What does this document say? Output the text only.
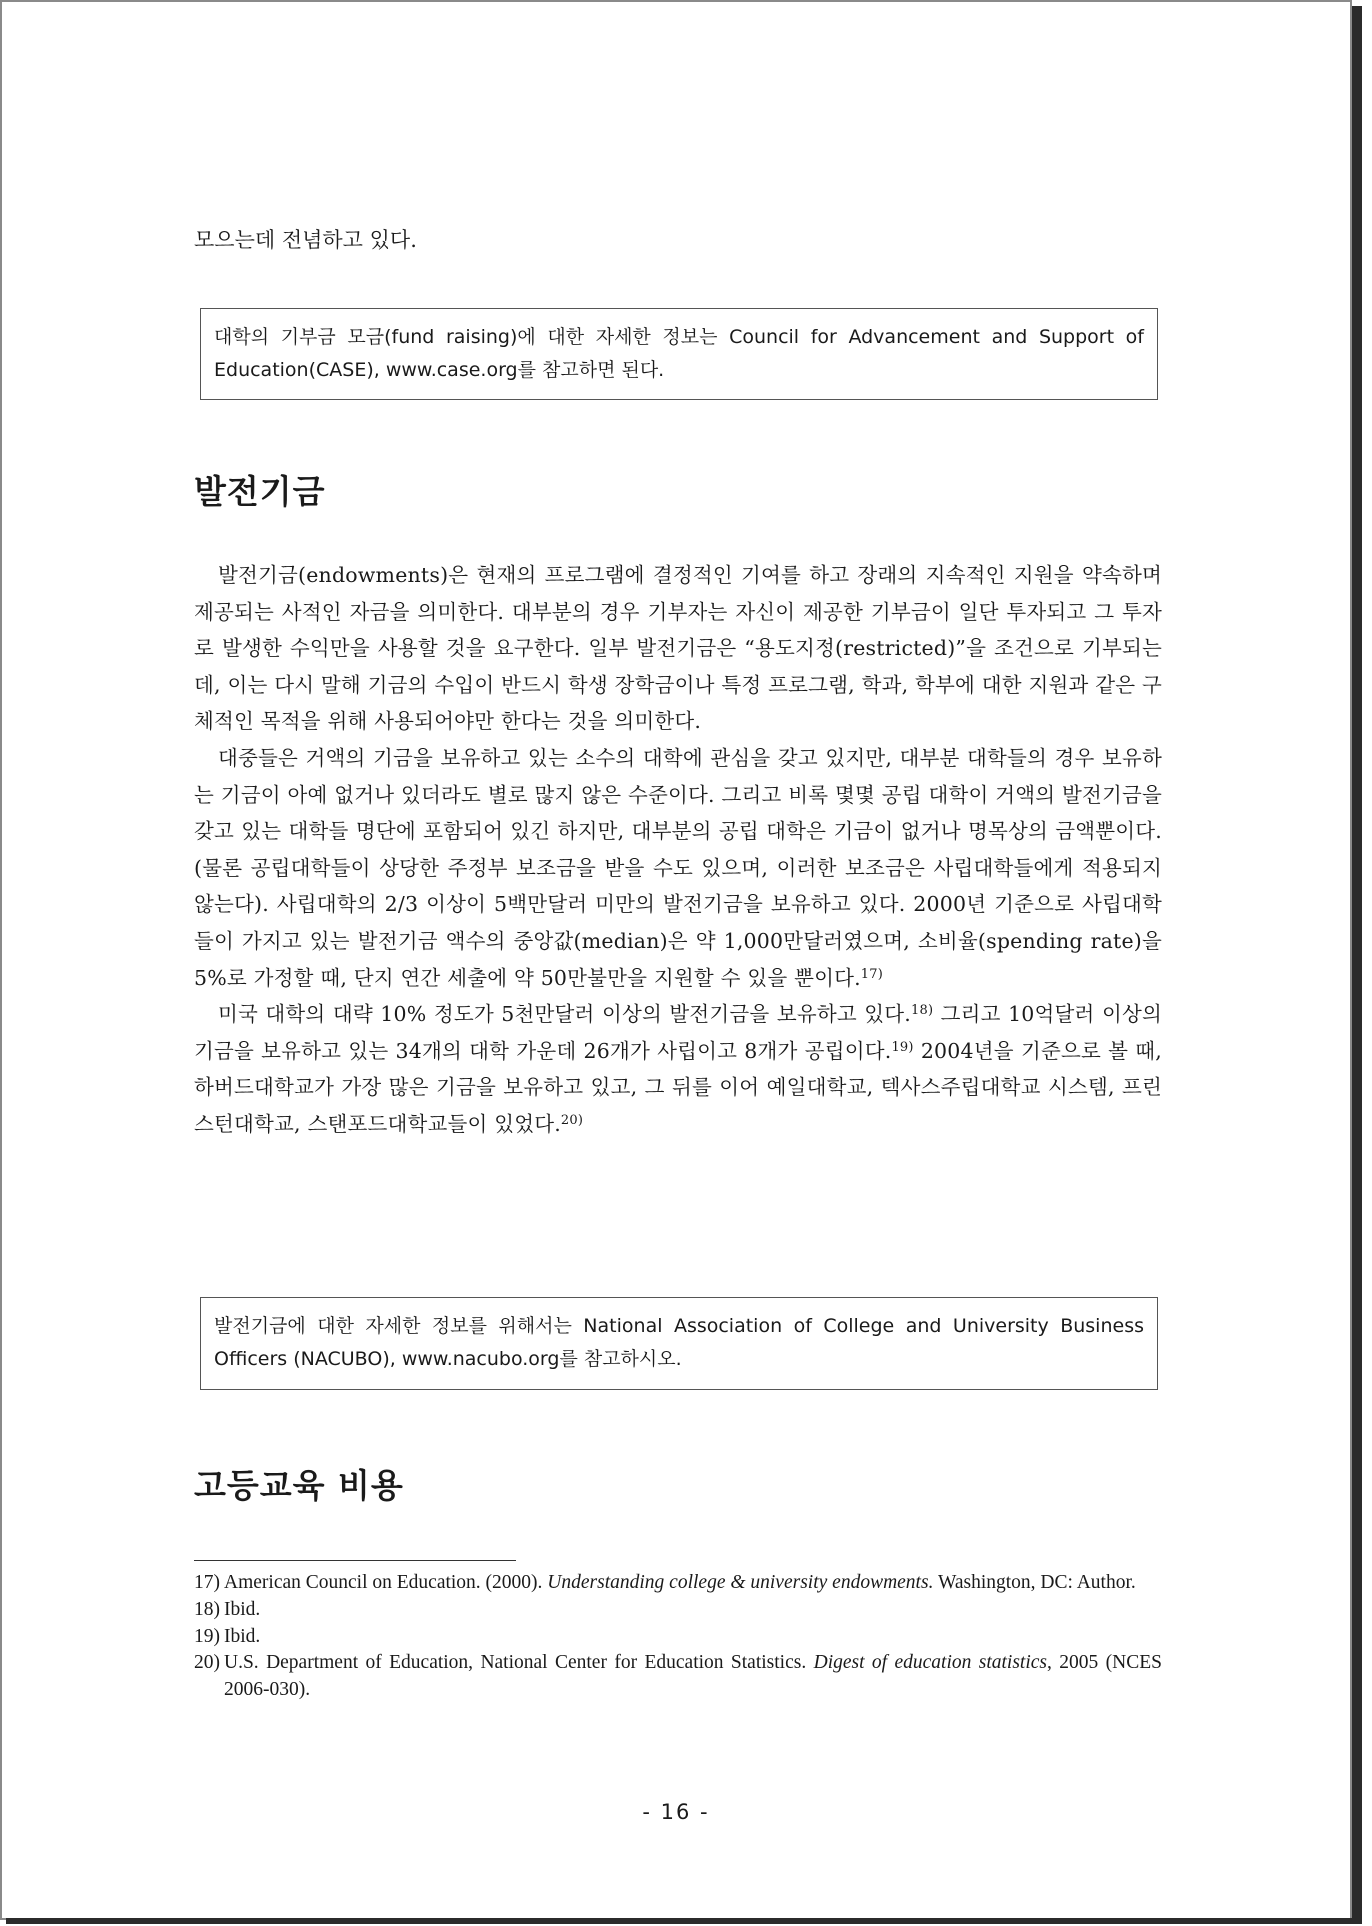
모으는데 전념하고 있다.
대학의 기부금 모금(fund raising)에 대한 자세한 정보는 Council for Advancement and Support of Education(CASE), www.case.org를 참고하면 된다.
발전기금

발전기금(endowments)은 현재의 프로그램에 결정적인 기여를 하고 장래의 지속적인 지원을 약속하며 제공되는 사적인 자금을 의미한다. 대부분의 경우 기부자는 자신이 제공한 기부금이 일단 투자되고 그 투자로 발생한 수익만을 사용할 것을 요구한다. 일부 발전기금은 “용도지정(restricted)”을 조건으로 기부되는데, 이는 다시 말해 기금의 수입이 반드시 학생 장학금이나 특정 프로그램, 학과, 학부에 대한 지원과 같은 구체적인 목적을 위해 사용되어야만 한다는 것을 의미한다.

대중들은 거액의 기금을 보유하고 있는 소수의 대학에 관심을 갖고 있지만, 대부분 대학들의 경우 보유하는 기금이 아예 없거나 있더라도 별로 많지 않은 수준이다. 그리고 비록 몇몇 공립 대학이 거액의 발전기금을 갖고 있는 대학들 명단에 포함되어 있긴 하지만, 대부분의 공립 대학은 기금이 없거나 명목상의 금액뿐이다.(물론 공립대학들이 상당한 주정부 보조금을 받을 수도 있으며, 이러한 보조금은 사립대학들에게 적용되지 않는다). 사립대학의 2/3 이상이 5백만달러 미만의 발전기금을 보유하고 있다. 2000년 기준으로 사립대학들이 가지고 있는 발전기금 액수의 중앙값(median)은 약 1,000만달러였으며, 소비율(spending rate)을 5%로 가정할 때, 단지 연간 세출에 약 50만불만을 지원할 수 있을 뿐이다.$^{17)}$

미국 대학의 대략 10% 정도가 5천만달러 이상의 발전기금을 보유하고 있다.$^{18)}$ 그리고 10억달러 이상의 기금을 보유하고 있는 34개의 대학 가운데 26개가 사립이고 8개가 공립이다.$^{19)}$ 2004년을 기준으로 볼 때, 하버드대학교가 가장 많은 기금을 보유하고 있고, 그 뒤를 이어 예일대학교, 텍사스주립대학교 시스템, 프린스턴대학교, 스탠포드대학교들이 있었다.$^{20)}$

발전기금에 대한 자세한 정보를 위해서는 National Association of College and University Business Officers (NACUBO), www.nacubo.org를 참고하시오.
고등교육 비용
17) American Council on Education. (2000). Understanding college & university endowments. Washington, DC: Author.
18) Ibid.
19) Ibid.
20) U.S. Department of Education, National Center for Education Statistics. Digest of education statistics, 2005 (NCES 2006-030).
- 16 -
